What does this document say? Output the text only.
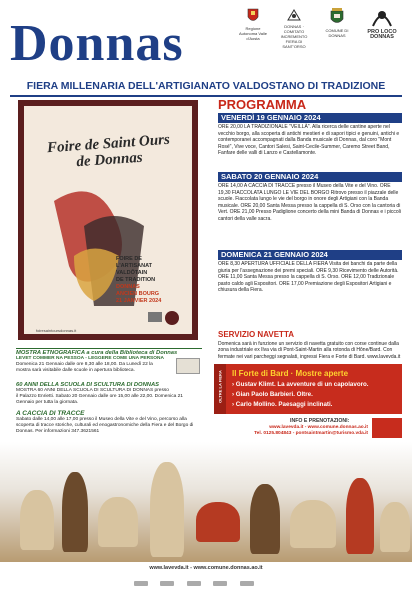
Donnas	Regione Autonoma Valle d'Aosta
DONNAS · COMITATO INCREMENTO FIERA DI SANT'ORSO
COMUNE DI DONNAS
PRO LOCO DONNAS
FIERA MILLENARIA DELL'ARTIGIANATO VALDOSTANO DI TRADIZIONE
Foire de Saint Ours de Donnas
FOIRE DE
L'ARTISANAT
VALDÔTAIN
DE TRADITION
DONNAS
ANCIEN BOURG
21 JANVIER 2024
foiresaintoursdonnas.it
PROGRAMMA
VENERDÌ 19 GENNAIO 2024
ORE 20,00 LA TRADIZIONALE "VEILLÀ". Alla ricerca delle cantine aperte nel vecchio borgo, alla scoperta di antichi mestieri e di sapori tipici e genuini, antichi e contemporanei accompagnati dalla Banda musicale di Donnas, dal coro "Mont Rosé", Vive voce, Cantori Salesi, Saint-Cecile-Summer, Caremo Street Band, Fanfare delle valli di Lanzo e Castellamonte.
SABATO 20 GENNAIO 2024
ORE 14,00 A CACCIA DI TRACCE presso il Museo della Vite e del Vino. ORE 19,30 FIACCOLATA LUNGO LE VIE DEL BORGO Ritrovo presso il piazzale delle scuole. Fiaccolata lungo le vie del borgo in onore degli Artigiani con la Banda musicale. ORE 20,00 Santa Messa presso la cappella di S. Orso con la cantoria di Vert. ORE 21,00 Presso Padiglione concerto della mini Banda di Donnas e i piccoli cantori della valle sacra.
DOMENICA 21 GENNAIO 2024
ORE 8,30 APERTURA UFFICIALE DELLA FIERA Visita dei banchi da parte della giuria per l'assegnazione dei premi speciali. ORE 9,30 Ricevimento delle Autorità. ORE 11,00 Santa Messa presso la cappella di S. Orso. ORE 12,00 Tradizionale pasto caldo agli Espositori. ORE 17,00 Premiazione degli Espositori Artigiani e chiusura della Fiera.
SERVIZIO NAVETTA
Domenica sarà in funzione un servizio di navetta gratuito con corse continue dalla zona industriale ex Ilva via di Pont-Saint-Martin alla rotonda di Hône/Bard. Con fermate nei vari parcheggi segnalati, ingressi Fiera e Forte di Bard. www.lavevda.it
MOSTRA ETNOGRAFICA a cura della Biblioteca di Donnas
LEVET COMMER NA PESSOA - LEGGERE COME UNA PERSONA
Domenica 21 Gennaio dalle ore 8,30 alle 18,00. Da Lunedì 22 la mostra sarà visitabile dalle scuole in apertura biblioteca.
60 ANNI DELLA SCUOLA DI SCULTURA DI DONNAS
MOSTRA 60 ANNI DELLA SCUOLA DI SCULTURA DI DONNAS presso
il Palazzo Enrietti. Sabato 20 Gennaio dalle ore 15,00 alle 22,00. Domenica 21 Gennaio per tutta la giornata.
A CACCIA DI TRACCE
Sabato dalle 14,00 alle 17,00 presso il Museo della Vite e del Vino, percorso alla scoperta di tracce storiche, culturali ed enogastronomiche della Fiera e del Borgo di Donnas. Per informazioni 347.3621561
OLTRE LA FIERA Il Forte di Bard · Mostre aperte
› Gustav Klimt. La avventure di un capolavoro.
› Gian Paolo Barbieri. Oltre.
› Carlo Mollino. Paesaggi inclinati.
INFO E PRENOTAZIONI:
www.lavevda.it - www.comune.donnas.ao.it
Tel. 0125.804843 - pontsaintmartin@turismo.vda.it
www.lavevda.it - www.comune.donnas.ao.it
